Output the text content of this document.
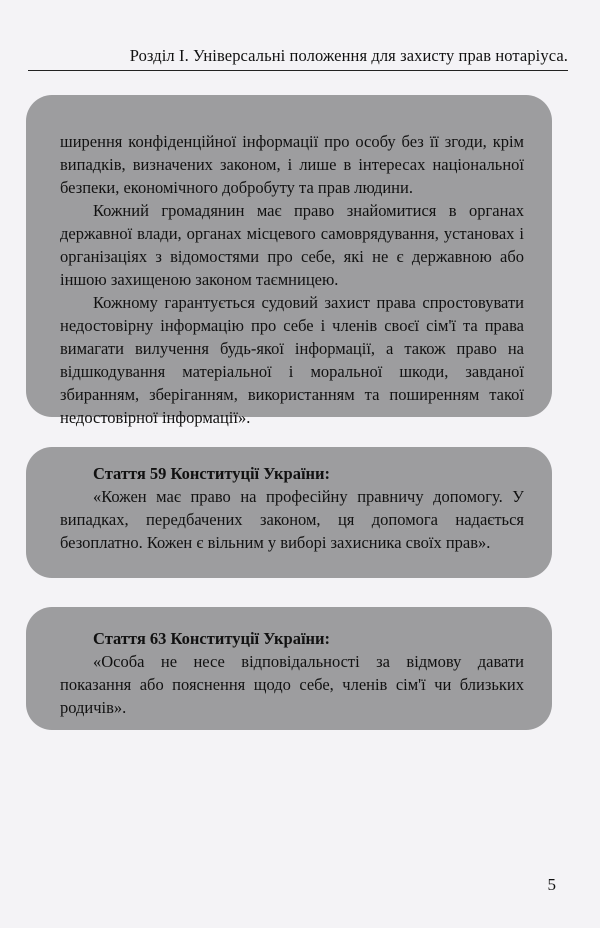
Розділ I. Універсальні положення для захисту прав нотаріуса.

ширення конфіденційної інформації про особу без її згоди, крім випадків, визначених законом, і лише в інтересах національної безпеки, економічного добробуту та прав людини.

Кожний громадянин має право знайомитися в органах державної влади, органах місцевого самоврядування, установах і організаціях з відомостями про себе, які не є державною або іншою захищеною законом таємницею.

Кожному гарантується судовий захист права спростовувати недостовірну інформацію про себе і членів своєї сім'ї та права вимагати вилучення будь-якої інформації, а також право на відшкодування матеріальної і моральної шкоди, завданої збиранням, зберіганням, використанням та поширенням такої недостовірної інформації».

Стаття 59 Конституції України:

«Кожен має право на професійну правничу допомогу. У випадках, передбачених законом, ця допомога надається безоплатно. Кожен є вільним у виборі захисника своїх прав».

Стаття 63 Конституції України:

«Особа не несе відповідальності за відмову давати показання або пояснення щодо себе, членів сім'ї чи близьких родичів».

5
